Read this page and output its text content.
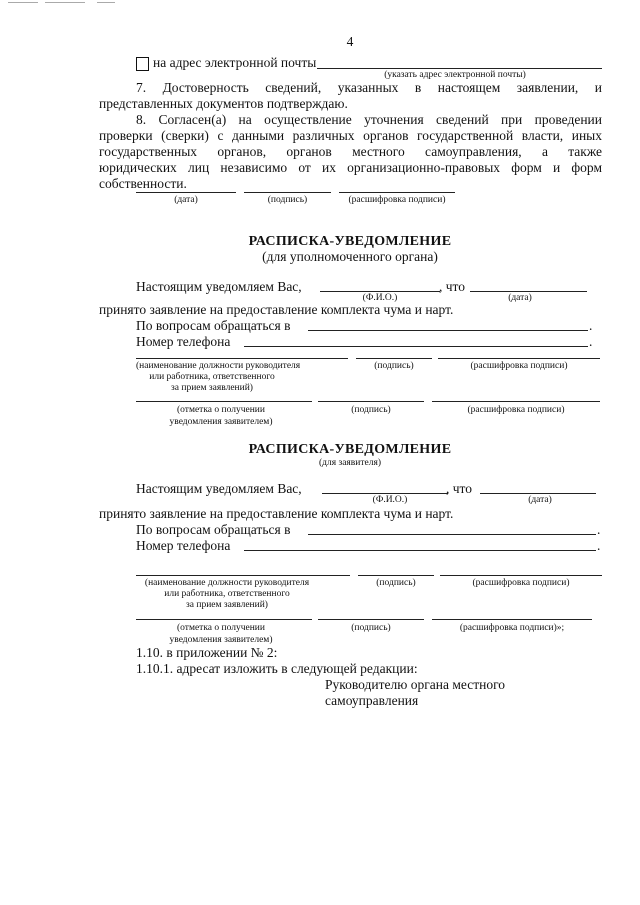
4
на адрес электронной почты
(указать адрес электронной почты)
7. Достоверность сведений, указанных в настоящем заявлении, и
представленных документов подтверждаю.
8. Согласен(а) на осуществление уточнения сведений при проведении
проверки (сверки) с данными различных органов государственной власти, иных
государственных органов, органов местного самоуправления, а также
юридических лиц независимо от их организационно-правовых форм и форм
собственности.
(дата)	(подпись)	(расшифровка подписи)
РАСПИСКА-УВЕДОМЛЕНИЕ
(для уполномоченного органа)
Настоящим уведомляем Вас,	, что
(Ф.И.О.)	(дата)
принято заявление на предоставление комплекта чума и нарт.
По вопросам обращаться в	.
Номер телефона	.
(наименование должности руководителя
или работника, ответственного
за прием заявлений)
(подпись)	(расшифровка подписи)
(отметка о получении
уведомления заявителем)
(подпись)	(расшифровка подписи)
РАСПИСКА-УВЕДОМЛЕНИЕ
(для заявителя)
Настоящим уведомляем Вас,	, что
(Ф.И.О.)	(дата)
принято заявление на предоставление комплекта чума и нарт.
По вопросам обращаться в	.
Номер телефона	.
(наименование должности руководителя
или работника, ответственного
за прием заявлений)
(подпись)	(расшифровка подписи)
(отметка о получении
уведомления заявителем)
(подпись)	(расшифровка подписи)»;
1.10. в приложении № 2:
1.10.1. адресат изложить в следующей редакции:
Руководителю органа местного
самоуправления
